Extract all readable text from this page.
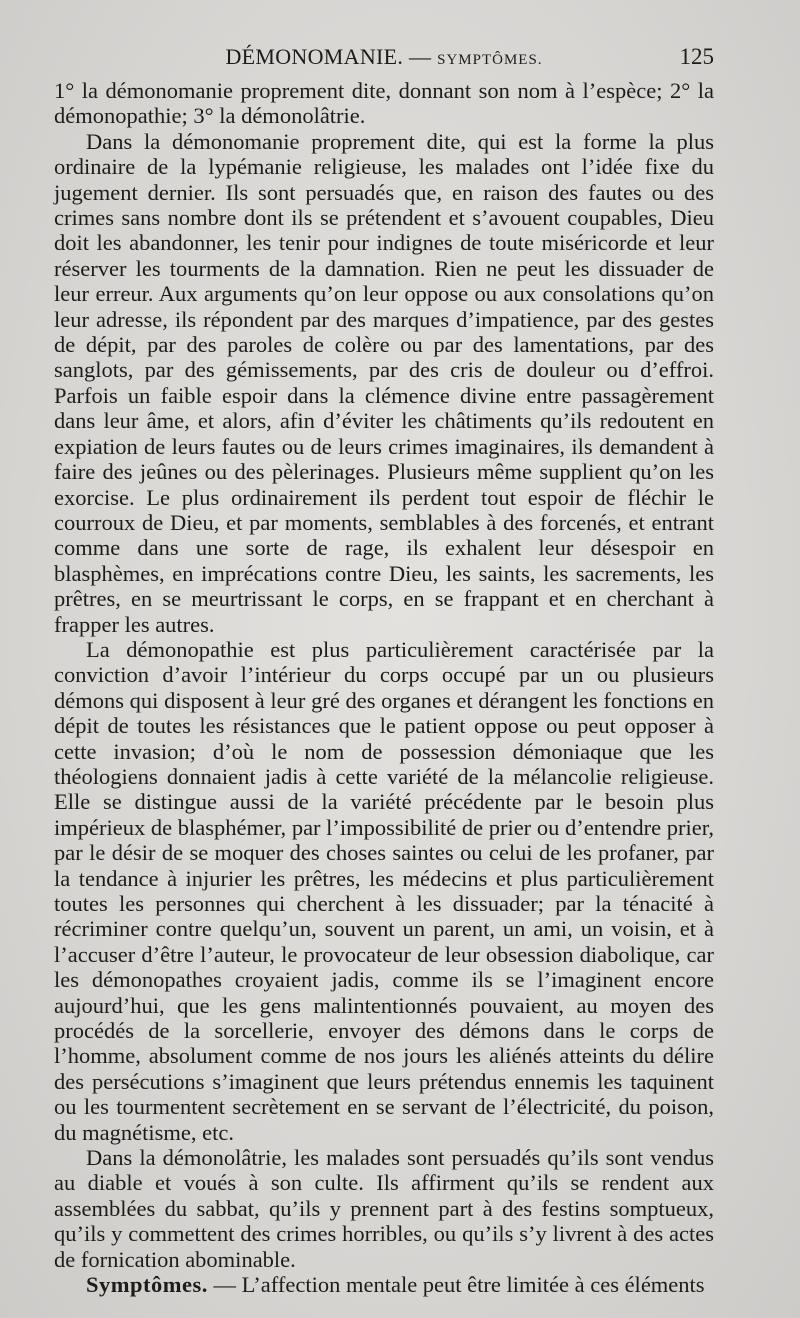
DÉMONOMANIE. — SYMPTÔMES.	125

1° la démonomanie proprement dite, donnant son nom à l’espèce; 2° la démonopathie; 3° la démonolâtrie.

Dans la démonomanie proprement dite, qui est la forme la plus ordinaire de la lypémanie religieuse, les malades ont l’idée fixe du jugement dernier. Ils sont persuadés que, en raison des fautes ou des crimes sans nombre dont ils se prétendent et s’avouent coupables, Dieu doit les abandonner, les tenir pour indignes de toute miséricorde et leur réserver les tourments de la damnation. Rien ne peut les dissuader de leur erreur. Aux arguments qu’on leur oppose ou aux consolations qu’on leur adresse, ils répondent par des marques d’impatience, par des gestes de dépit, par des paroles de colère ou par des lamentations, par des sanglots, par des gémissements, par des cris de douleur ou d’effroi. Parfois un faible espoir dans la clémence divine entre passagèrement dans leur âme, et alors, afin d’éviter les châtiments qu’ils redoutent en expiation de leurs fautes ou de leurs crimes imaginaires, ils demandent à faire des jeûnes ou des pèlerinages. Plusieurs même supplient qu’on les exorcise. Le plus ordinairement ils perdent tout espoir de fléchir le courroux de Dieu, et par moments, semblables à des forcenés, et entrant comme dans une sorte de rage, ils exhalent leur désespoir en blasphèmes, en imprécations contre Dieu, les saints, les sacrements, les prêtres, en se meurtrissant le corps, en se frappant et en cherchant à frapper les autres.

La démonopathie est plus particulièrement caractérisée par la conviction d’avoir l’intérieur du corps occupé par un ou plusieurs démons qui disposent à leur gré des organes et dérangent les fonctions en dépit de toutes les résistances que le patient oppose ou peut opposer à cette invasion; d’où le nom de possession démoniaque que les théologiens donnaient jadis à cette variété de la mélancolie religieuse. Elle se distingue aussi de la variété précédente par le besoin plus impérieux de blasphémer, par l’impossibilité de prier ou d’entendre prier, par le désir de se moquer des choses saintes ou celui de les profaner, par la tendance à injurier les prêtres, les médecins et plus particulièrement toutes les personnes qui cherchent à les dissuader; par la ténacité à récriminer contre quelqu’un, souvent un parent, un ami, un voisin, et à l’accuser d’être l’auteur, le provocateur de leur obsession diabolique, car les démonopathes croyaient jadis, comme ils se l’imaginent encore aujourd’hui, que les gens malintentionnés pouvaient, au moyen des procédés de la sorcellerie, envoyer des démons dans le corps de l’homme, absolument comme de nos jours les aliénés atteints du délire des persécutions s’imaginent que leurs prétendus ennemis les taquinent ou les tourmentent secrètement en se servant de l’électricité, du poison, du magnétisme, etc.

Dans la démonolâtrie, les malades sont persuadés qu’ils sont vendus au diable et voués à son culte. Ils affirment qu’ils se rendent aux assemblées du sabbat, qu’ils y prennent part à des festins somptueux, qu’ils y commettent des crimes horribles, ou qu’ils s’y livrent à des actes de fornication abominable.

Symptômes. — L’affection mentale peut être limitée à ces éléments
